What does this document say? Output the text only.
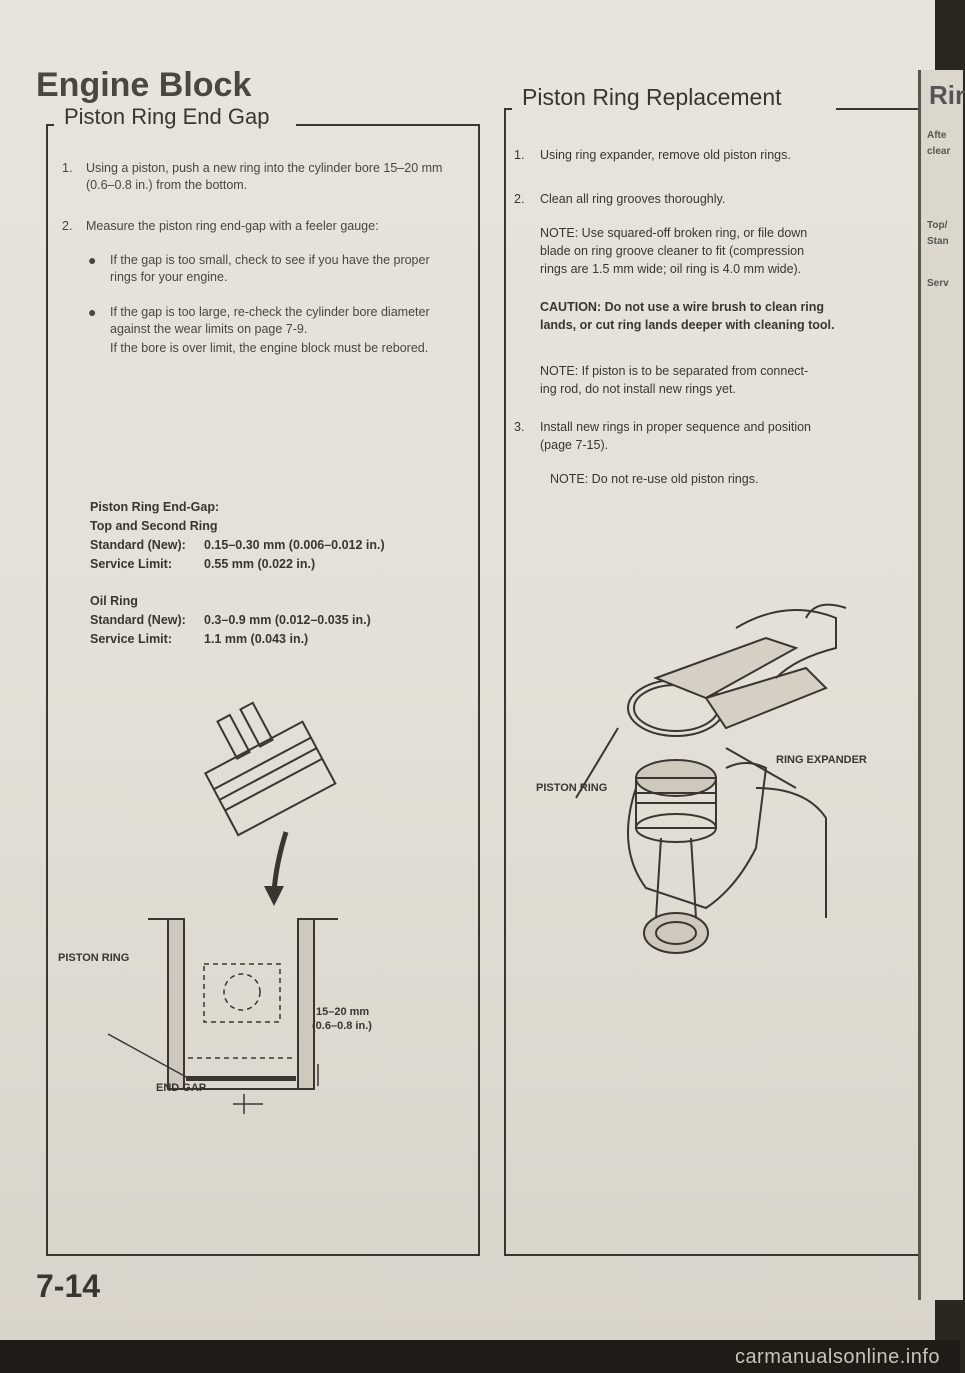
Engine Block
Piston Ring End Gap
1. Using a piston, push a new ring into the cylinder bore 15–20 mm (0.6–0.8 in.) from the bottom.
2. Measure the piston ring end-gap with a feeler gauge:
● If the gap is too small, check to see if you have the proper rings for your engine.
● If the gap is too large, re-check the cylinder bore diameter against the wear limits on page 7-9.
If the bore is over limit, the engine block must be rebored.
Piston Ring End-Gap:
Top and Second Ring
Standard (New):	0.15–0.30 mm (0.006–0.012 in.)
Service Limit:	0.55 mm (0.022 in.)
Oil Ring
Standard (New):	0.3–0.9 mm (0.012–0.035 in.)
Service Limit:	1.1 mm (0.043 in.)
PISTON RING
15–20 mm
(0.6–0.8 in.)
END GAP
Piston Ring Replacement
1. Using ring expander, remove old piston rings.
2. Clean all ring grooves thoroughly.
NOTE: Use squared-off broken ring, or file down
blade on ring groove cleaner to fit (compression
rings are 1.5 mm wide; oil ring is 4.0 mm wide).
CAUTION: Do not use a wire brush to clean ring
lands, or cut ring lands deeper with cleaning tool.
NOTE: If piston is to be separated from connect-
ing rod, do not install new rings yet.
3. Install new rings in proper sequence and position
(page 7-15).
NOTE: Do not re-use old piston rings.
RING EXPANDER
PISTON RING
7-14
Rir
Afte
clear
Top/
Stan
Serv
carmanualsonline.info
